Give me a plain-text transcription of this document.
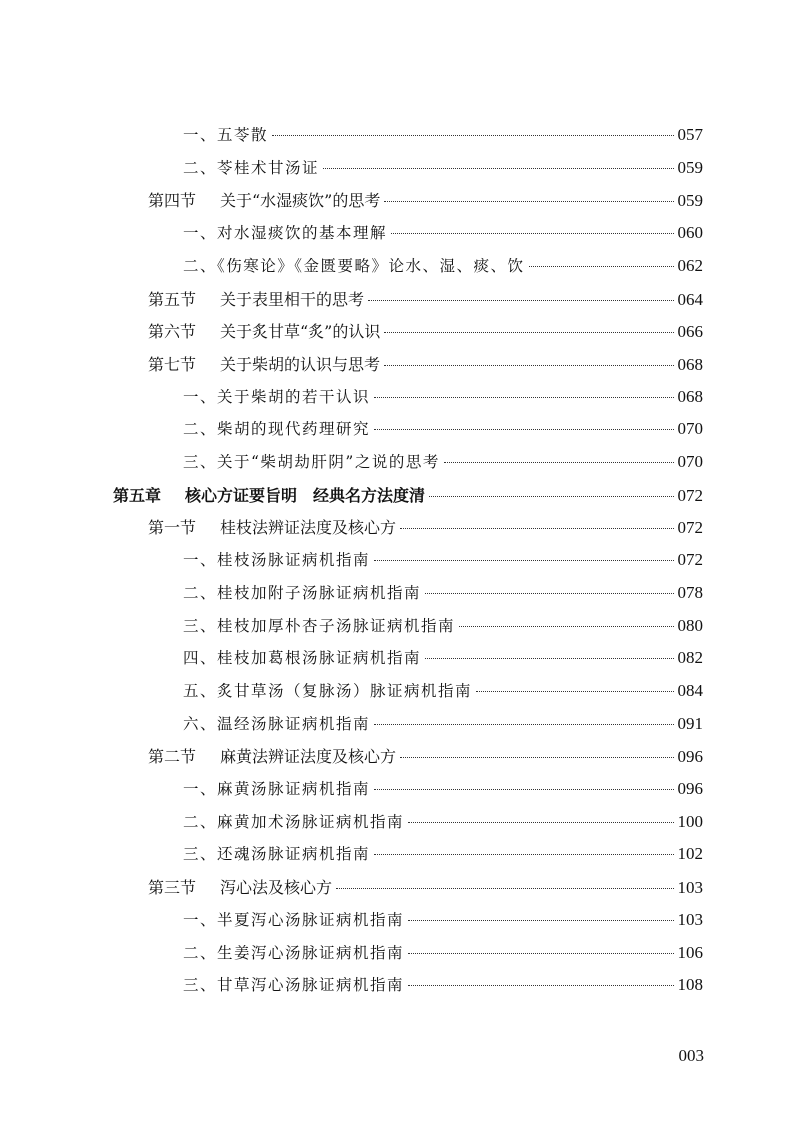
一、五苓散	057
二、苓桂术甘汤证	059
第四节 关于“水湿痰饮”的思考	059
一、对水湿痰饮的基本理解	060
二、《伤寒论》《金匮要略》论水、湿、痰、饮	062
第五节 关于表里相干的思考	064
第六节 关于炙甘草“炙”的认识	066
第七节 关于柴胡的认识与思考	068
一、关于柴胡的若干认识	068
二、柴胡的现代药理研究	070
三、关于“柴胡劫肝阴”之说的思考	070
第五章 核心方证要旨明　经典名方法度清	072
第一节 桂枝法辨证法度及核心方	072
一、桂枝汤脉证病机指南	072
二、桂枝加附子汤脉证病机指南	078
三、桂枝加厚朴杏子汤脉证病机指南	080
四、桂枝加葛根汤脉证病机指南	082
五、炙甘草汤（复脉汤）脉证病机指南	084
六、温经汤脉证病机指南	091
第二节 麻黄法辨证法度及核心方	096
一、麻黄汤脉证病机指南	096
二、麻黄加术汤脉证病机指南	100
三、还魂汤脉证病机指南	102
第三节 泻心法及核心方	103
一、半夏泻心汤脉证病机指南	103
二、生姜泻心汤脉证病机指南	106
三、甘草泻心汤脉证病机指南	108
003
